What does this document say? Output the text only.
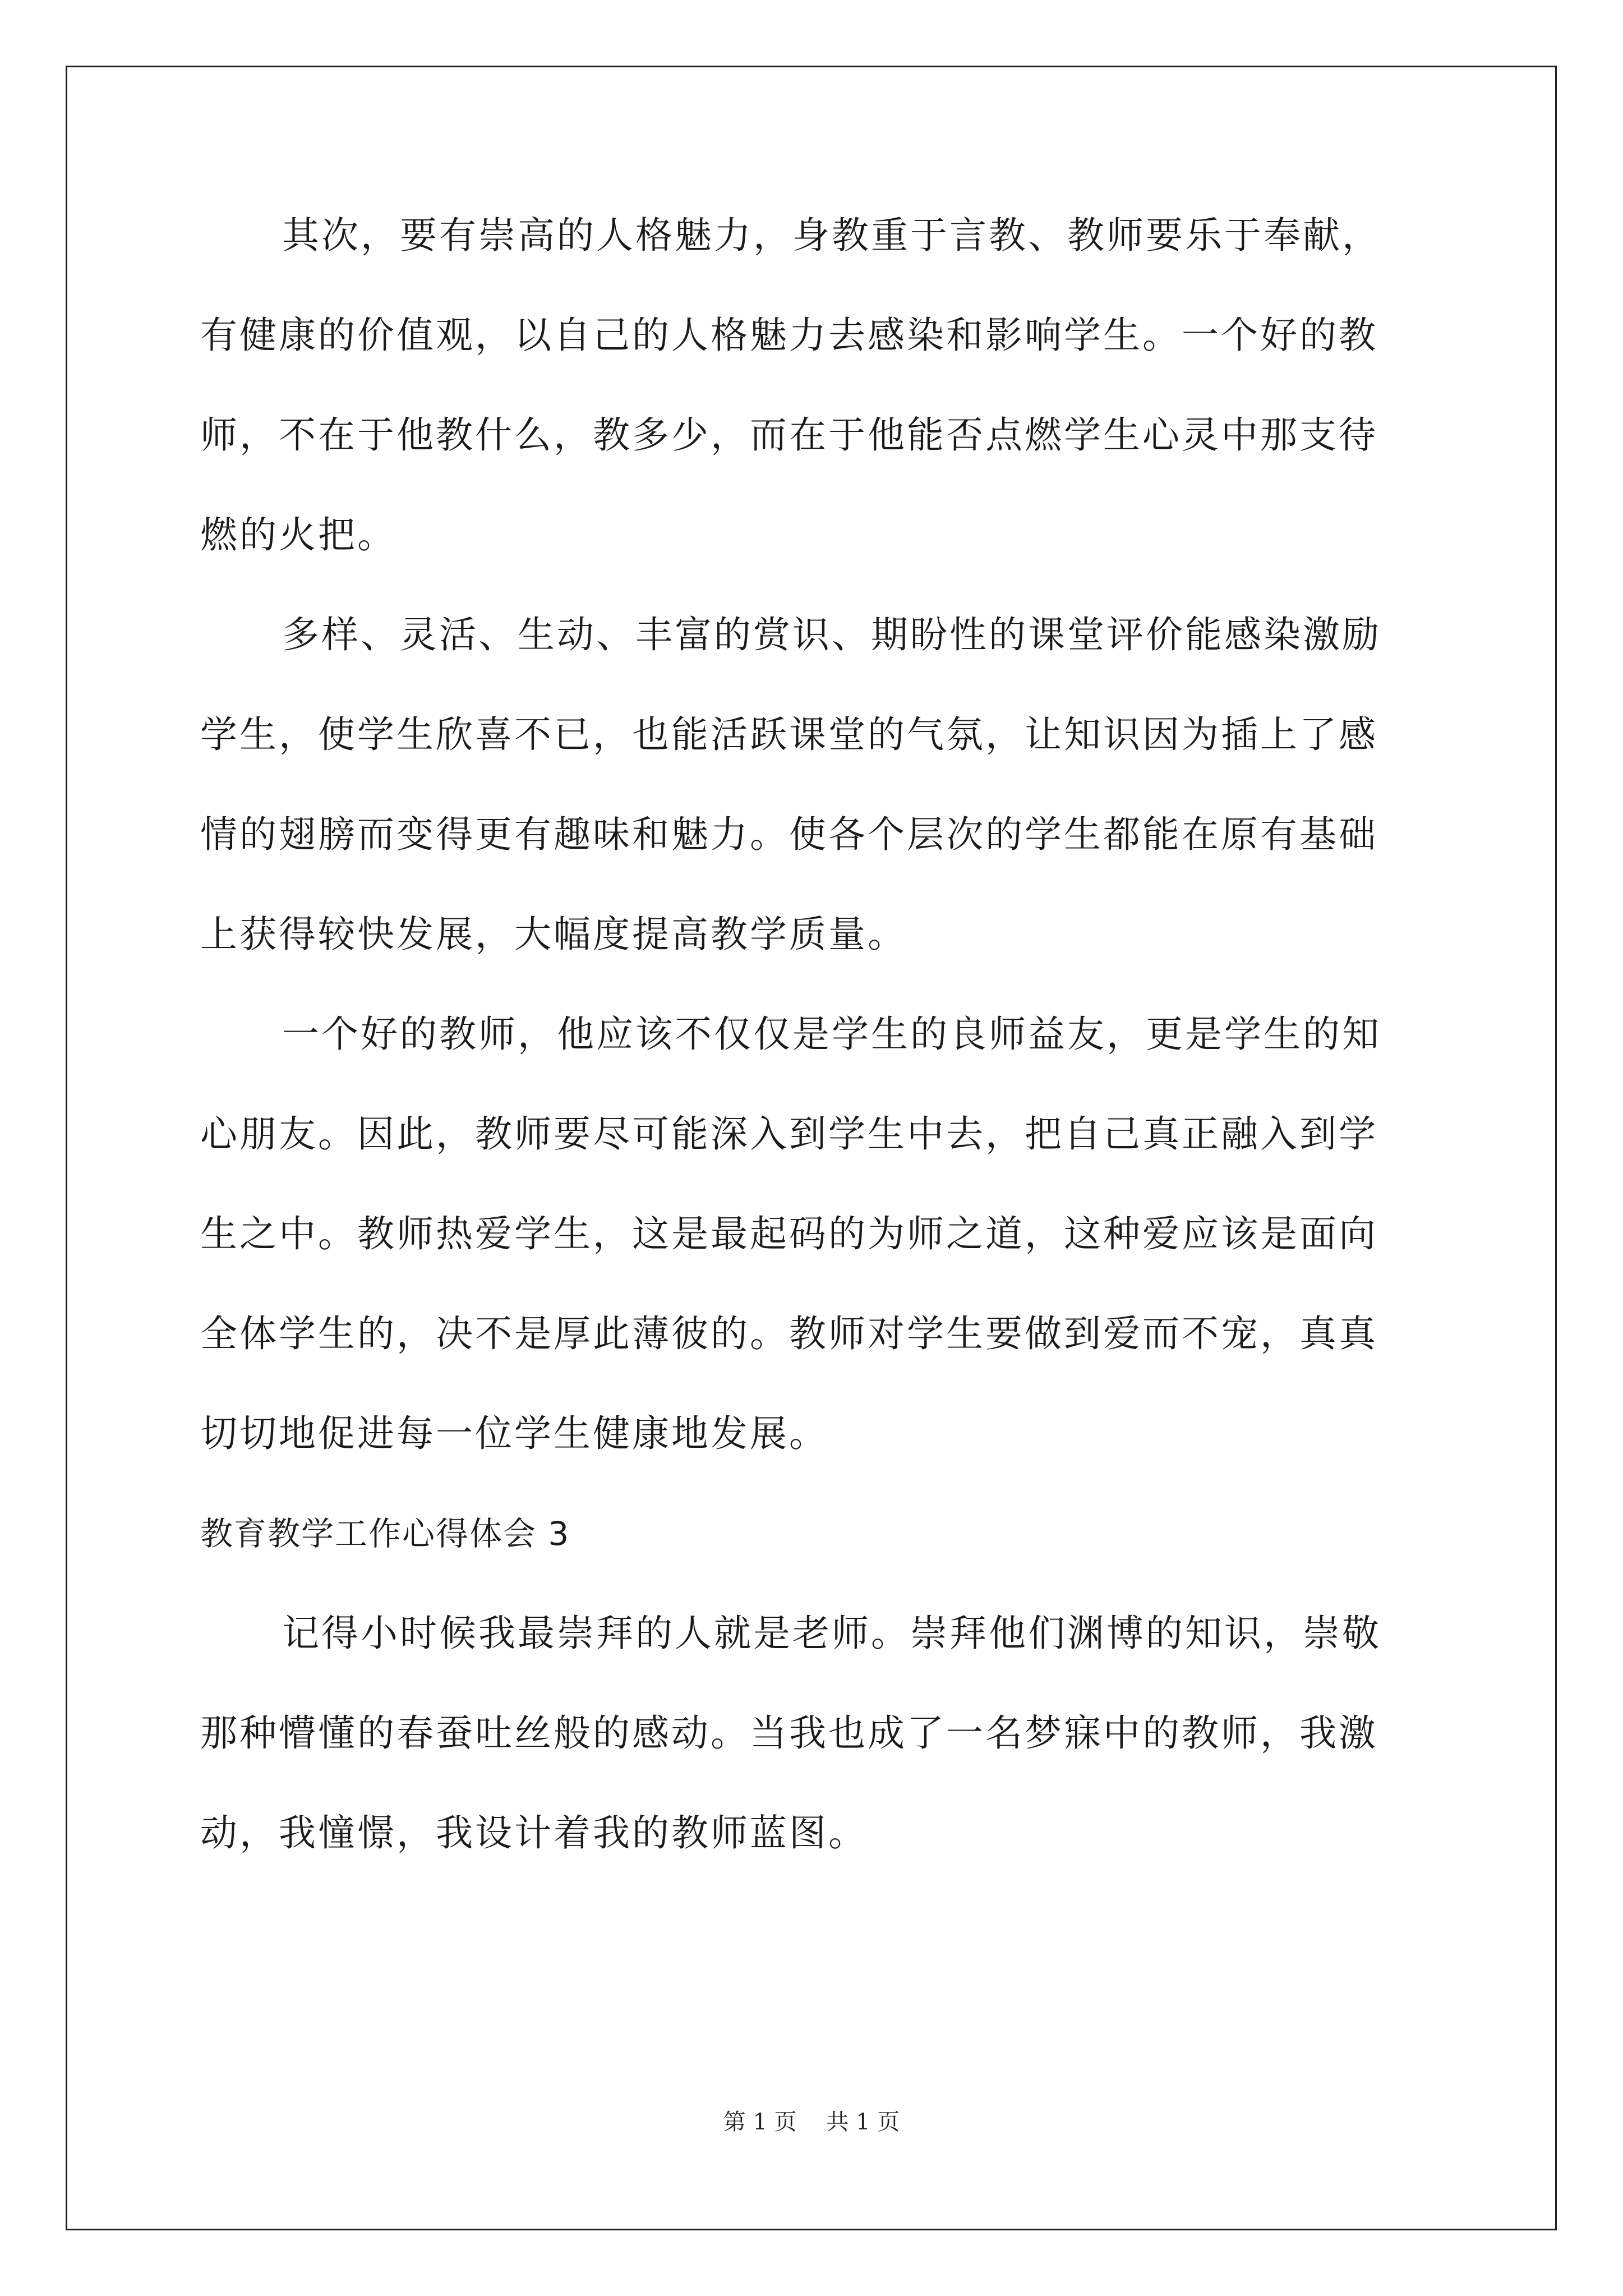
其次，要有崇高的人格魅力，身教重于言教、教师要乐于奉献，
有健康的价值观，以自己的人格魅力去感染和影响学生。一个好的教
师，不在于他教什么，教多少，而在于他能否点燃学生心灵中那支待
燃的火把。
多样、灵活、生动、丰富的赏识、期盼性的课堂评价能感染激励
学生，使学生欣喜不已，也能活跃课堂的气氛，让知识因为插上了感
情的翅膀而变得更有趣味和魅力。使各个层次的学生都能在原有基础
上获得较快发展，大幅度提高教学质量。
一个好的教师，他应该不仅仅是学生的良师益友，更是学生的知
心朋友。因此，教师要尽可能深入到学生中去，把自己真正融入到学
生之中。教师热爱学生，这是最起码的为师之道，这种爱应该是面向
全体学生的，决不是厚此薄彼的。教师对学生要做到爱而不宠，真真
切切地促进每一位学生健康地发展。
教育教学工作心得体会 3
记得小时候我最崇拜的人就是老师。崇拜他们渊博的知识，崇敬
那种懵懂的春蚕吐丝般的感动。当我也成了一名梦寐中的教师，我激
动，我憧憬，我设计着我的教师蓝图。
第 1 页 共 1 页
